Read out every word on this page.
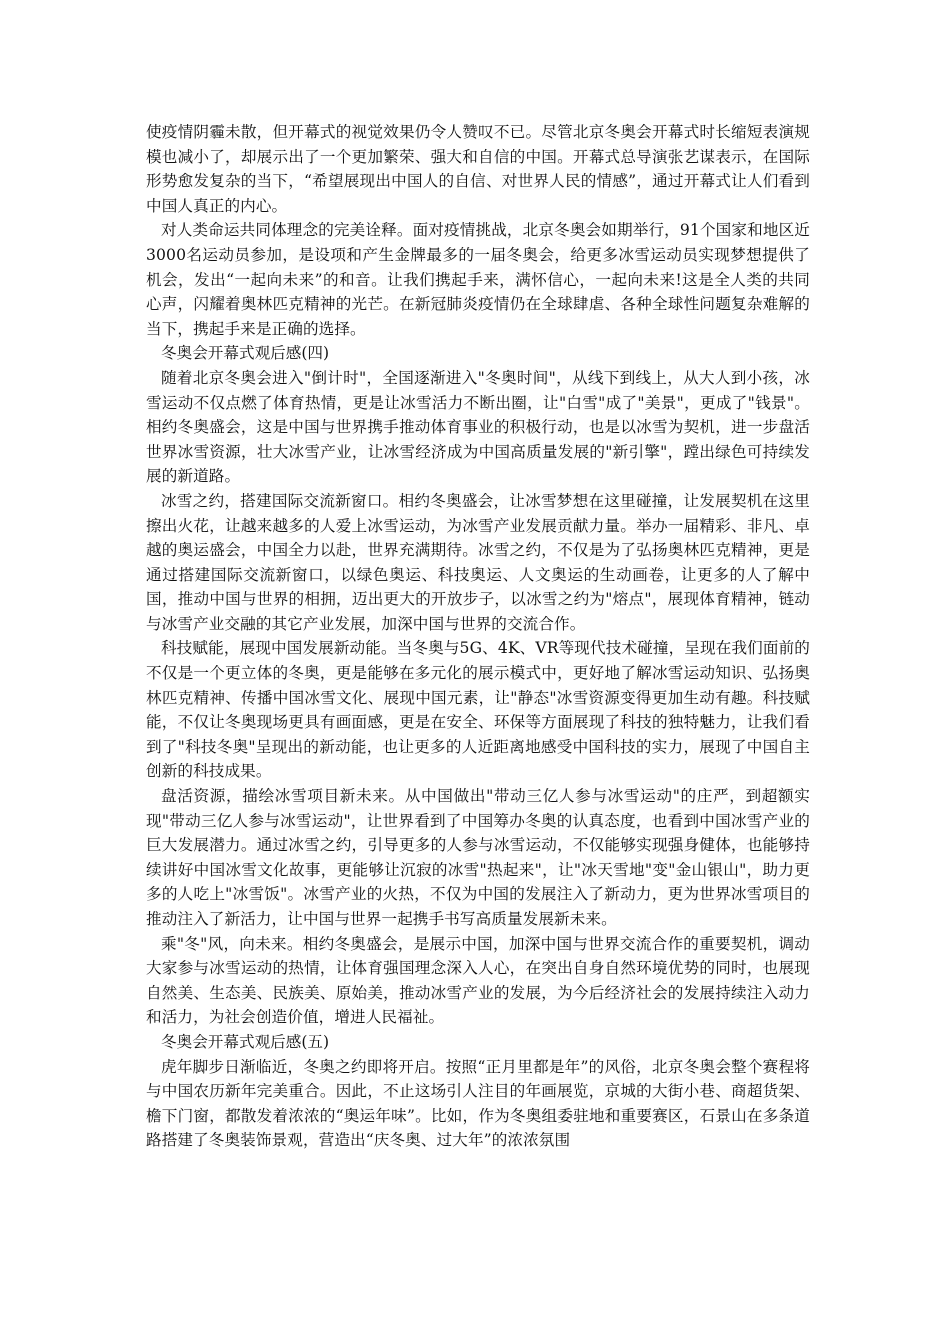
使疫情阴霾未散，但开幕式的视觉效果仍令人赞叹不已。尽管北京冬奥会开幕式时长缩短表演规模也减小了，却展示出了一个更加繁荣、强大和自信的中国。开幕式总导演张艺谋表示，在国际形势愈发复杂的当下，“希望展现出中国人的自信、对世界人民的情感”，通过开幕式让人们看到中国人真正的内心。

对人类命运共同体理念的完美诠释。面对疫情挑战，北京冬奥会如期举行，91个国家和地区近3000名运动员参加，是设项和产生金牌最多的一届冬奥会，给更多冰雪运动员实现梦想提供了机会，发出“一起向未来”的和音。让我们携起手来，满怀信心，一起向未来!这是全人类的共同心声，闪耀着奥林匹克精神的光芒。在新冠肺炎疫情仍在全球肆虐、各种全球性问题复杂难解的当下，携起手来是正确的选择。

冬奥会开幕式观后感(四)

随着北京冬奥会进入"倒计时"，全国逐渐进入"冬奥时间"，从线下到线上，从大人到小孩，冰雪运动不仅点燃了体育热情，更是让冰雪活力不断出圈，让"白雪"成了"美景"，更成了"钱景"。相约冬奥盛会，这是中国与世界携手推动体育事业的积极行动，也是以冰雪为契机，进一步盘活世界冰雪资源，壮大冰雪产业，让冰雪经济成为中国高质量发展的"新引擎"，蹚出绿色可持续发展的新道路。

冰雪之约，搭建国际交流新窗口。相约冬奥盛会，让冰雪梦想在这里碰撞，让发展契机在这里擦出火花，让越来越多的人爱上冰雪运动，为冰雪产业发展贡献力量。举办一届精彩、非凡、卓越的奥运盛会，中国全力以赴，世界充满期待。冰雪之约，不仅是为了弘扬奥林匹克精神，更是通过搭建国际交流新窗口，以绿色奥运、科技奥运、人文奥运的生动画卷，让更多的人了解中国，推动中国与世界的相拥，迈出更大的开放步子，以冰雪之约为"熔点"，展现体育精神，链动与冰雪产业交融的其它产业发展，加深中国与世界的交流合作。

科技赋能，展现中国发展新动能。当冬奥与5G、4K、VR等现代技术碰撞，呈现在我们面前的不仅是一个更立体的冬奥，更是能够在多元化的展示模式中，更好地了解冰雪运动知识、弘扬奥林匹克精神、传播中国冰雪文化、展现中国元素，让"静态"冰雪资源变得更加生动有趣。科技赋能，不仅让冬奥现场更具有画面感，更是在安全、环保等方面展现了科技的独特魅力，让我们看到了"科技冬奥"呈现出的新动能，也让更多的人近距离地感受中国科技的实力，展现了中国自主创新的科技成果。

盘活资源，描绘冰雪项目新未来。从中国做出"带动三亿人参与冰雪运动"的庄严，到超额实现"带动三亿人参与冰雪运动"，让世界看到了中国筹办冬奥的认真态度，也看到中国冰雪产业的巨大发展潜力。通过冰雪之约，引导更多的人参与冰雪运动，不仅能够实现强身健体，也能够持续讲好中国冰雪文化故事，更能够让沉寂的冰雪"热起来"，让"冰天雪地"变"金山银山"，助力更多的人吃上"冰雪饭"。冰雪产业的火热，不仅为中国的发展注入了新动力，更为世界冰雪项目的推动注入了新活力，让中国与世界一起携手书写高质量发展新未来。

乘"冬"风，向未来。相约冬奥盛会，是展示中国，加深中国与世界交流合作的重要契机，调动大家参与冰雪运动的热情，让体育强国理念深入人心，在突出自身自然环境优势的同时，也展现自然美、生态美、民族美、原始美，推动冰雪产业的发展，为今后经济社会的发展持续注入动力和活力，为社会创造价值，增进人民福祉。

冬奥会开幕式观后感(五)

虎年脚步日渐临近，冬奥之约即将开启。按照“正月里都是年”的风俗，北京冬奥会整个赛程将与中国农历新年完美重合。因此，不止这场引人注目的年画展览，京城的大街小巷、商超货架、檐下门窗，都散发着浓浓的“奥运年味”。比如，作为冬奥组委驻地和重要赛区，石景山在多条道路搭建了冬奥装饰景观，营造出“庆冬奥、过大年”的浓浓氛围
